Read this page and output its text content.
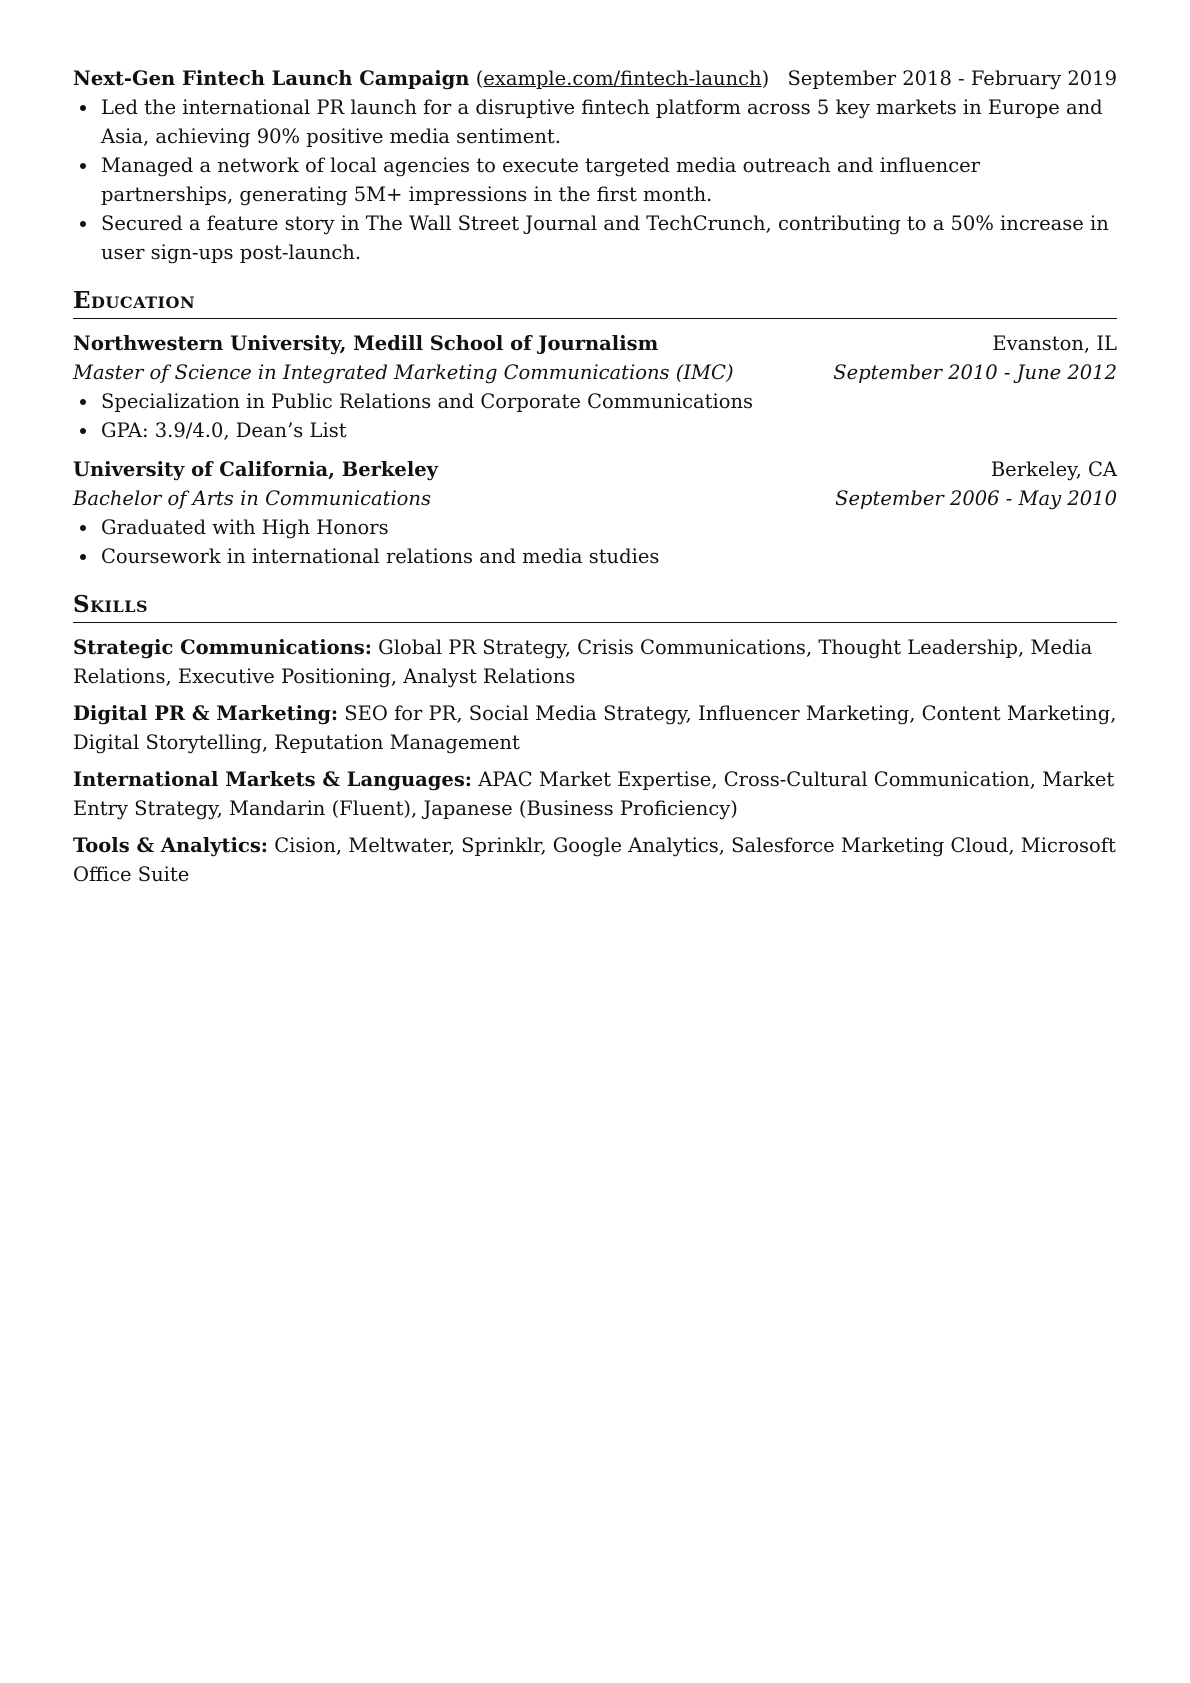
Next-Gen Fintech Launch Campaign (example.com/fintech-launch) September 2018 - February 2019
Led the international PR launch for a disruptive fintech platform across 5 key markets in Europe and Asia, achieving 90% positive media sentiment.
Managed a network of local agencies to execute targeted media outreach and influencer partnerships, generating 5M+ impressions in the first month.
Secured a feature story in The Wall Street Journal and TechCrunch, contributing to a 50% increase in user sign-ups post-launch.
Education
Northwestern University, Medill School of Journalism	Evanston, IL
Master of Science in Integrated Marketing Communications (IMC)	September 2010 - June 2012
Specialization in Public Relations and Corporate Communications
GPA: 3.9/4.0, Dean’s List
University of California, Berkeley	Berkeley, CA
Bachelor of Arts in Communications	September 2006 - May 2010
Graduated with High Honors
Coursework in international relations and media studies
Skills
Strategic Communications: Global PR Strategy, Crisis Communications, Thought Leadership, Media Relations, Executive Positioning, Analyst Relations
Digital PR & Marketing: SEO for PR, Social Media Strategy, Influencer Marketing, Content Marketing, Digital Storytelling, Reputation Management
International Markets & Languages: APAC Market Expertise, Cross-Cultural Communication, Market Entry Strategy, Mandarin (Fluent), Japanese (Business Proficiency)
Tools & Analytics: Cision, Meltwater, Sprinklr, Google Analytics, Salesforce Marketing Cloud, Microsoft Office Suite
